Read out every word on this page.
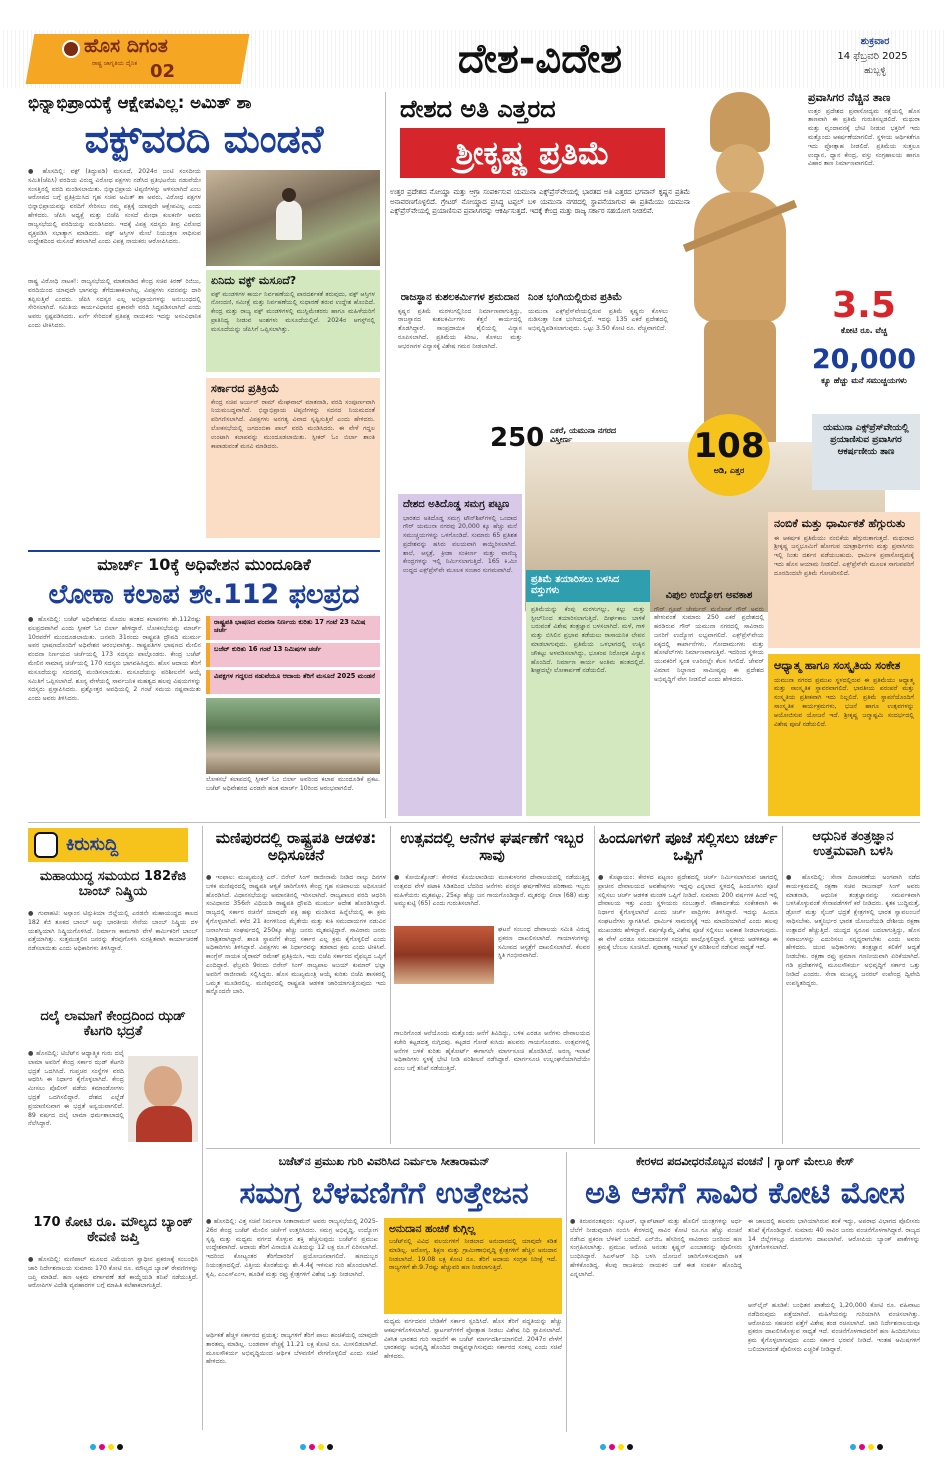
ಹೊಸ ದಿಗಂತ
ರಾಷ್ಟ್ರ ಜಾಗೃತಿಯ ದೈನಿಕ 02	ದೇಶ-ವಿದೇಶ	ಶುಕ್ರವಾರ
14 ಫೆಬ್ರವರಿ 2025
ಹುಬ್ಬಳ್ಳಿ
ಭಿನ್ನಾಭಿಪ್ರಾಯಕ್ಕೆ ಆಕ್ಷೇಪವಿಲ್ಲ: ಅಮಿತ್ ಶಾ
ವಕ್ಫ್‌ವರದಿ ಮಂಡನೆ
● ಹೊಸದಿಲ್ಲಿ: ವಕ್ಫ್ (ತಿದ್ದುಪಡಿ) ಮಸೂದೆ, 2024ರ ಜಂಟಿ ಸಂಸದೀಯ ಸಮಿತಿ(ಜೆಪಿಸಿ) ವರದಿಯ ವಿರುದ್ಧ ವಿರೋಧ ಪಕ್ಷಗಳು ನಡೆಸಿದ ಪ್ರತಿಭಟನೆಯ ನಡುವೆಯೇ ಸಂಸತ್ತಿನಲ್ಲಿ ವರದಿ ಮಂಡಿಸಲಾಯಿತು. ಭಿನ್ನಾಭಿಪ್ರಾಯ ಟಿಪ್ಪಣಿಗಳನ್ನು ಅಳಿಸಲಾಗಿದೆ ಎಂಬ ಆರೋಪದ ಬಗ್ಗೆ ಪ್ರತಿಕ್ರಿಯಿಸಿದ ಗೃಹ ಸಚಿವ ಅಮಿತ್ ಶಾ ಅವರು, ವಿರೋಧ ಪಕ್ಷಗಳ ಭಿನ್ನಾಭಿಪ್ರಾಯವನ್ನು ವರದಿಗೆ ಸೇರಿಸಲು ನಮ್ಮ ಪಕ್ಷಕ್ಕೆ ಯಾವುದೇ ಆಕ್ಷೇಪವಿಲ್ಲ ಎಂದು ಹೇಳಿದರು. ಜೆಪಿಸಿ ಅಧ್ಯಕ್ಷೆ ಮತ್ತು ಬಿಜೆಪಿ ಸಂಸದೆ ಮೇಧಾ ಕುಲಕರ್ಣಿ ಅವರು ರಾಜ್ಯಸಭೆಯಲ್ಲಿ ವರದಿಯನ್ನು ಮಂಡಿಸಿದರು. ಇದಕ್ಕೆ ವಿಪಕ್ಷ ಸದಸ್ಯರು ತೀವ್ರ ವಿರೋಧ ವ್ಯಕ್ತಪಡಿಸಿ ಸಭಾತ್ಯಾಗ ಮಾಡಿದರು. ವಕ್ಫ್ ಆಸ್ತಿಗಳ ಮೇಲೆ ನಿಯಂತ್ರಣ ಸಾಧಿಸುವ ಉದ್ದೇಶದಿಂದ ಮಸೂದೆ ತರಲಾಗಿದೆ ಎಂದು ವಿಪಕ್ಷ ನಾಯಕರು ಆರೋಪಿಸಿದರು.
ರಾಷ್ಟ್ರ ವಿರೋಧಿ ನಾಟಕ!: ರಾಜ್ಯಸಭೆಯಲ್ಲಿ ಮಾತನಾಡಿದ ಕೇಂದ್ರ ಸಚಿವ ಕಿರಣ್ ರಿಜಿಜು, ವರದಿಯಿಂದ ಯಾವುದೇ ಭಾಗವನ್ನು ತೆಗೆದುಹಾಕಲಾಗಿಲ್ಲ. ವಿಪಕ್ಷಗಳು ಸದನವನ್ನು ದಾರಿ ತಪ್ಪಿಸುತ್ತಿವೆ ಎಂದರು. ಜೆಪಿಸಿ ಸದಸ್ಯರ ಎಲ್ಲ ಅಭಿಪ್ರಾಯಗಳನ್ನು ಅನುಬಂಧದಲ್ಲಿ ಸೇರಿಸಲಾಗಿದೆ. ಸಮಿತಿಯ ಕಾರ್ಯವಿಧಾನದ ಪ್ರಕಾರವೇ ವರದಿ ಸಿದ್ಧಪಡಿಸಲಾಗಿದೆ ಎಂದು ಅವರು ಸ್ಪಷ್ಟಪಡಿಸಿದರು. ಖರ್ಗೆ ಸೇರಿದಂತೆ ಪ್ರತಿಪಕ್ಷ ನಾಯಕರು ಇದನ್ನು ಅಸಂವಿಧಾನಿಕ ಎಂದು ಟೀಕಿಸಿದರು.
ಏನಿದು ವಕ್ಫ್ ಮಸೂದೆ?
ವಕ್ಫ್ ಮಂಡಳಿಗಳ ಕಾರ್ಯ ನಿರ್ವಹಣೆಯಲ್ಲಿ ಪಾರದರ್ಶಕತೆ ತರುವುದು, ವಕ್ಫ್ ಆಸ್ತಿಗಳ ನೋಂದಣಿ, ಸಮೀಕ್ಷೆ ಮತ್ತು ನಿರ್ವಹಣೆಯಲ್ಲಿ ಸುಧಾರಣೆ ತರುವ ಉದ್ದೇಶ ಹೊಂದಿದೆ. ಕೇಂದ್ರ ಮತ್ತು ರಾಜ್ಯ ವಕ್ಫ್ ಮಂಡಳಿಗಳಲ್ಲಿ ಮುಸ್ಲಿಮೇತರರು ಹಾಗೂ ಮಹಿಳೆಯರಿಗೆ ಪ್ರಾತಿನಿಧ್ಯ ನೀಡುವ ಅಂಶಗಳು ಮಸೂದೆಯಲ್ಲಿವೆ. 2024ರ ಆಗಸ್ಟ್‌ನಲ್ಲಿ ಮಸೂದೆಯನ್ನು ಜೆಪಿಸಿಗೆ ಒಪ್ಪಿಸಲಾಗಿತ್ತು.
ಸರ್ಕಾರದ ಪ್ರತಿಕ್ರಿಯೆ
ಕೇಂದ್ರ ಸಚಿವ ಅರ್ಜುನ್ ರಾಮ್ ಮೇಘವಾಲ್ ಮಾತನಾಡಿ, ವರದಿ ಸಂಪೂರ್ಣವಾಗಿ ನಿಯಮಬದ್ಧವಾಗಿದೆ. ಭಿನ್ನಾಭಿಪ್ರಾಯ ಟಿಪ್ಪಣಿಗಳನ್ನು ಸದನದ ನಿಯಮದಂತೆ ಪರಿಗಣಿಸಲಾಗಿದೆ. ವಿಪಕ್ಷಗಳು ಅನಗತ್ಯ ವಿವಾದ ಸೃಷ್ಟಿಸುತ್ತಿವೆ ಎಂದು ಹೇಳಿದರು. ಲೋಕಸಭೆಯಲ್ಲಿ ಜಗದಂಬಿಕಾ ಪಾಲ್ ವರದಿ ಮಂಡಿಸಿದರು. ಈ ವೇಳೆ ಗದ್ದಲ ಉಂಟಾಗಿ ಕಲಾಪವನ್ನು ಮುಂದೂಡಲಾಯಿತು. ಸ್ಪೀಕರ್ ಓಂ ಬಿರ್ಲಾ ಶಾಂತಿ ಕಾಪಾಡುವಂತೆ ಮನವಿ ಮಾಡಿದರು.
ಮಾರ್ಚ್ 10ಕ್ಕೆ ಅಧಿವೇಶನ ಮುಂದೂಡಿಕೆ
ಲೋಕಾ ಕಲಾಪ ಶೇ.112 ಫಲಪ್ರದ
● ಹೊಸದಿಲ್ಲಿ: ಬಜೆಟ್ ಅಧಿವೇಶನದ ಮೊದಲ ಹಂತದ ಕಲಾಪಗಳು ಶೇ.112ರಷ್ಟು ಫಲಪ್ರದವಾಗಿವೆ ಎಂದು ಸ್ಪೀಕರ್ ಓಂ ಬಿರ್ಲಾ ಹೇಳಿದ್ದಾರೆ. ಲೋಕಸಭೆಯನ್ನು ಮಾರ್ಚ್ 10ರವರೆಗೆ ಮುಂದೂಡಲಾಯಿತು. ಜನವರಿ 31ರಂದು ರಾಷ್ಟ್ರಪತಿ ದ್ರೌಪದಿ ಮುರ್ಮು ಅವರ ಭಾಷಣದೊಂದಿಗೆ ಅಧಿವೇಶನ ಆರಂಭವಾಗಿತ್ತು. ರಾಷ್ಟ್ರಪತಿಗಳ ಭಾಷಣದ ಮೇಲಿನ ವಂದನಾ ನಿರ್ಣಯದ ಚರ್ಚೆಯಲ್ಲಿ 173 ಸದಸ್ಯರು ಪಾಲ್ಗೊಂಡರು. ಕೇಂದ್ರ ಬಜೆಟ್ ಮೇಲಿನ ಸಾಮಾನ್ಯ ಚರ್ಚೆಯಲ್ಲಿ 170 ಸದಸ್ಯರು ಭಾಗವಹಿಸಿದ್ದರು. ಹೊಸ ಆದಾಯ ತೆರಿಗೆ ಮಸೂದೆಯನ್ನು ಸದನದಲ್ಲಿ ಮಂಡಿಸಲಾಯಿತು. ಮಸೂದೆಯನ್ನು ಪರಿಶೀಲನೆಗೆ ಆಯ್ಕೆ ಸಮಿತಿಗೆ ಒಪ್ಪಿಸಲಾಗಿದೆ. ಶೂನ್ಯ ವೇಳೆಯಲ್ಲಿ ಸಾರ್ವಜನಿಕ ಮಹತ್ವದ ಹಲವು ವಿಷಯಗಳನ್ನು ಸದಸ್ಯರು ಪ್ರಸ್ತಾಪಿಸಿದರು. ಪ್ರಶ್ನೋತ್ತರ ಅವಧಿಯಲ್ಲಿ 2 ಗಂಟೆ ಸಮಯ ನಷ್ಟವಾಯಿತು ಎಂದು ಅವರು ತಿಳಿಸಿದರು.
ರಾಷ್ಟ್ರಪತಿ ಭಾಷಣದ ವಂದನಾ ನಿರ್ಣಯ ಕುರಿತು 17 ಗಂಟೆ 23 ನಿಮಿಷ ಚರ್ಚೆ
ಬಜೆಟ್ ಕುರಿತು 16 ಗಂಟೆ 13 ನಿಮಿಷಗಳ ಚರ್ಚೆ
ವಿಪಕ್ಷಗಳ ಗದ್ದಲದ ನಡುವೆಯೂ ಆದಾಯ ತೆರಿಗೆ ಮಸೂದೆ 2025 ಮಂಡನೆ
ಲೋಕಸಭೆ ಕಲಾಪದಲ್ಲಿ ಸ್ಪೀಕರ್ ಓಂ ಬಿರ್ಲಾ ಅವರಿಂದ ಕಲಾಪ ಮುಂದೂಡಿಕೆ ಪ್ರಕಟ. ಬಜೆಟ್ ಅಧಿವೇಶನದ ಎರಡನೇ ಹಂತ ಮಾರ್ಚ್ 10ರಿಂದ ಆರಂಭವಾಗಲಿದೆ.
ದೇಶದ ಅತಿ ಎತ್ತರದ
ಶ್ರೀಕೃಷ್ಣ ಪ್ರತಿಮೆ
ಉತ್ತರ ಪ್ರದೇಶದ ನೋಯ್ಡಾ ಮತ್ತು ಆಗ್ರಾ ಸಂಪರ್ಕಿಸುವ ಯಮುನಾ ಎಕ್ಸ್‌ಪ್ರೆಸ್‌ವೇಯಲ್ಲಿ ಭಾರತದ ಅತಿ ಎತ್ತರದ ಭಗವಾನ್ ಕೃಷ್ಣನ ಪ್ರತಿಮೆ ಅನಾವರಣಗೊಳ್ಳಲಿದೆ. ಗ್ರೇಟರ್ ನೋಯ್ಡಾದ ಪ್ರಸಿದ್ಧ ಟಪ್ಪಲ್ ಬಳಿ ಯಮುನಾ ನಗರದಲ್ಲಿ ಸ್ಥಾಪನೆಯಾಗುವ ಈ ಪ್ರತಿಮೆಯು ಯಮುನಾ ಎಕ್ಸ್‌ಪ್ರೆಸ್‌ವೇಯಲ್ಲಿ ಪ್ರಯಾಣಿಸುವ ಪ್ರವಾಸಿಗರನ್ನು ಆಕರ್ಷಿಸುತ್ತದೆ. ಇದಕ್ಕೆ ಕೇಂದ್ರ ಮತ್ತು ರಾಜ್ಯ ಸರ್ಕಾರ ಸಹಯೋಗ ನೀಡಲಿವೆ.
ಪ್ರವಾಸಿಗರ ನೆಚ್ಚಿನ ತಾಣ
ಉತ್ತರ ಪ್ರದೇಶದ ಪ್ರವಾಸೋದ್ಯಮ ನಕ್ಷೆಯಲ್ಲಿ ಹೊಸ ತಾಣವಾಗಿ ಈ ಪ್ರತಿಮೆ ಗುರುತಿಸಲ್ಪಡಲಿದೆ. ಮಥುರಾ ಮತ್ತು ವೃಂದಾವನಕ್ಕೆ ಭೇಟಿ ನೀಡುವ ಭಕ್ತರಿಗೆ ಇದು ಮತ್ತೊಂದು ಆಕರ್ಷಣೆಯಾಗಲಿದೆ. ಸ್ಥಳೀಯ ಆರ್ಥಿಕತೆಗೂ ಇದು ಪ್ರೋತ್ಸಾಹ ನೀಡಲಿದೆ. ಪ್ರತಿಮೆಯ ಸುತ್ತಲೂ ಉದ್ಯಾನ, ಧ್ಯಾನ ಕೇಂದ್ರ, ವಸ್ತು ಸಂಗ್ರಹಾಲಯ ಹಾಗೂ ವಿಹಾರ ತಾಣ ನಿರ್ಮಾಣವಾಗಲಿದೆ.
3.5
ಕೋಟಿ ರೂ. ವೆಚ್ಚ
20,000
ಕ್ಯೂ ಹೆಚ್ಚು ಮನೆ ಸಮುಚ್ಚಯಗಳು
ಯಮುನಾ ಎಕ್ಸ್‌ಪ್ರೆಸ್‌ವೇಯಲ್ಲಿ ಪ್ರಯಾಣಿಸುವ ಪ್ರವಾಸಿಗರ ಆಕರ್ಷಣೀಯ ತಾಣ
ರಾಜಸ್ಥಾನ ಕುಶಲಕರ್ಮಿಗಳ ಶ್ರಮದಾನ
ಕೃಷ್ಣನ ಪ್ರತಿಮೆ ಮರಳುಗಲ್ಲಿನಿಂದ ನಿರ್ಮಾಣವಾಗುತ್ತಿದ್ದು, ರಾಜಸ್ಥಾನದ ಕುಶಲಕರ್ಮಿಗಳು ಕೆತ್ತನೆ ಕಾರ್ಯದಲ್ಲಿ ತೊಡಗಿದ್ದಾರೆ. ಸಾಂಪ್ರದಾಯಿಕ ಶೈಲಿಯಲ್ಲಿ ವಿನ್ಯಾಸ ರೂಪಿಸಲಾಗಿದೆ. ಪ್ರತಿಮೆಯ ಕಿರೀಟ, ಕೊಳಲು ಮತ್ತು ಆಭರಣಗಳ ವಿನ್ಯಾಸಕ್ಕೆ ವಿಶೇಷ ಗಮನ ನೀಡಲಾಗಿದೆ.
ನಿಂತ ಭಂಗಿಯಲ್ಲಿರುವ ಪ್ರತಿಮೆ
ಯಮುನಾ ಎಕ್ಸ್‌ಪ್ರೆಸ್‌ವೇಯಲ್ಲಿರುವ ಪ್ರತಿಮೆ ಕೃಷ್ಣನು ಕೊಳಲು ನುಡಿಸುತ್ತಾ ನಿಂತ ಭಂಗಿಯಲ್ಲಿದೆ. ಇದನ್ನು 135 ಎಕರೆ ಪ್ರದೇಶದಲ್ಲಿ ಅಭಿವೃದ್ಧಿಪಡಿಸಲಾಗುವುದು. ಒಟ್ಟು 3.50 ಕೋಟಿ ರೂ. ವೆಚ್ಚವಾಗಲಿದೆ.
250 ಎಕರೆ, ಯಮುನಾ ನಗರದ ವಿಸ್ತೀರ್ಣ	108
ಅಡಿ, ಎತ್ತರ
ದೇಶದ ಅತಿದೊಡ್ಡ ಸಮಗ್ರ ಪಟ್ಟಣ
ಭಾರತದ ಅತಿದೊಡ್ಡ ಸಮಗ್ರ ಟೌನ್‌ಶಿಪ್‌ಗಳಲ್ಲಿ ಒಂದಾದ ಗೌರ್ ಯಮುನಾ ನಗರವು 20,000 ಕ್ಕೂ ಹೆಚ್ಚು ಮನೆ ಸಮುಚ್ಚಯಗಳನ್ನು ಒಳಗೊಂಡಿದೆ. ಸುಮಾರು 65 ಪ್ರತಿಶತ ಪ್ರದೇಶವನ್ನು ಹಸಿರು ವಲಯವಾಗಿ ಕಾಯ್ದಿರಿಸಲಾಗಿದೆ. ಶಾಲೆ, ಆಸ್ಪತ್ರೆ, ಕ್ರೀಡಾ ಸಂಕೀರ್ಣ ಮತ್ತು ವಾಣಿಜ್ಯ ಕೇಂದ್ರಗಳನ್ನು ಇಲ್ಲಿ ನಿರ್ಮಿಸಲಾಗುತ್ತಿದೆ. 165 ಕಿ.ಮೀ ಉದ್ದದ ಎಕ್ಸ್‌ಪ್ರೆಸ್‌ವೇ ಮೂಲಕ ಸಂಚಾರ ಸುಗಮವಾಗಿದೆ.
ಪ್ರತಿಮೆ ತಯಾರಿಸಲು ಬಳಸಿದ ವಸ್ತುಗಳು
ಪ್ರತಿಮೆಯನ್ನು ಕೆಂಪು ಮರಳುಗಲ್ಲು, ಕಲ್ಲು ಮತ್ತು ಸ್ಟೀಲ್‌ನಿಂದ ತಯಾರಿಸಲಾಗುತ್ತಿದೆ. ದೀರ್ಘಕಾಲ ಬಾಳಿಕೆ ಬರುವಂತೆ ವಿಶೇಷ ತಂತ್ರಜ್ಞಾನ ಬಳಸಲಾಗಿದೆ. ಮಳೆ, ಗಾಳಿ ಮತ್ತು ಬಿಸಿಲಿನ ಪ್ರಭಾವ ತಡೆಯಲು ರಾಸಾಯನಿಕ ಲೇಪನ ಮಾಡಲಾಗುವುದು. ಪ್ರತಿಮೆಯ ಒಳಭಾಗದಲ್ಲಿ ಉಕ್ಕಿನ ಚೌಕಟ್ಟು ಅಳವಡಿಸಲಾಗಿದ್ದು, ಭೂಕಂಪ ನಿರೋಧಕ ವಿನ್ಯಾಸ ಹೊಂದಿದೆ. ನಿರ್ಮಾಣ ಕಾರ್ಯ ಅಂತಿಮ ಹಂತದಲ್ಲಿದೆ. ಶೀಘ್ರದಲ್ಲೇ ಲೋಕಾರ್ಪಣೆ ನಡೆಯಲಿದೆ.
ವಿಪುಲ ಉದ್ಯೋಗ ಅವಕಾಶ
ಗೌರ್ ಗ್ರೂಪ್ ಚೇರ್ಮನ್ ಮನೋಜ್ ಗೌರ್ ಅವರು ಹೇಳುವಂತೆ ಸುಮಾರು 250 ಎಕರೆ ಪ್ರದೇಶದಲ್ಲಿ ಹರಡಿರುವ ಗೌರ್ ಯಮುನಾ ನಗರದಲ್ಲಿ ಸಾವಿರಾರು ಜನರಿಗೆ ಉದ್ಯೋಗ ಲಭ್ಯವಾಗಲಿದೆ. ಎಕ್ಸ್‌ಪ್ರೆಸ್‌ವೇಯ ಪಕ್ಕದಲ್ಲಿ ಕಾರ್ಖಾನೆಗಳು, ಗೋದಾಮುಗಳು ಮತ್ತು ಹೋಟೆಲ್‌ಗಳು ನಿರ್ಮಾಣವಾಗುತ್ತಿವೆ. ಇದರಿಂದ ಸ್ಥಳೀಯ ಯುವಕರಿಗೆ ಸ್ವಂತ ಊರಿನಲ್ಲೇ ಕೆಲಸ ಸಿಗಲಿದೆ. ಜೇವರ್ ವಿಮಾನ ನಿಲ್ದಾಣದ ಸಾಮೀಪ್ಯವು ಈ ಪ್ರದೇಶದ ಅಭಿವೃದ್ಧಿಗೆ ವೇಗ ನೀಡಲಿದೆ ಎಂದು ಹೇಳಿದರು.
ನಂಬಿಕೆ ಮತ್ತು ಧಾರ್ಮಿಕತೆ ಹೆಗ್ಗುರುತು
ಈ ಆಕರ್ಷಕ ಪ್ರತಿಮೆಯು ನಂಬಿಕೆಯ ಹೆಗ್ಗುರುತಾಗುತ್ತದೆ. ಮಥುರಾದ ಶ್ರೀಕೃಷ್ಣ ಜನ್ಮಭೂಮಿಗೆ ಹೋಗುವ ಯಾತ್ರಾರ್ಥಿಗಳು ಮತ್ತು ಪ್ರವಾಸಿಗರು ಇಲ್ಲಿ ನಿಂತು ದರ್ಶನ ಪಡೆಯಬಹುದು. ಧಾರ್ಮಿಕ ಪ್ರವಾಸೋದ್ಯಮಕ್ಕೆ ಇದು ಹೊಸ ಆಯಾಮ ನೀಡಲಿದೆ. ಎಕ್ಸ್‌ಪ್ರೆಸ್‌ವೇ ಮೂಲಕ ಸಾಗುವವರಿಗೆ ದೂರದಿಂದಲೇ ಪ್ರತಿಮೆ ಗೋಚರಿಸಲಿದೆ.
ಆಧ್ಯಾತ್ಮ ಹಾಗೂ ಸಂಸ್ಕೃತಿಯ ಸಂಕೇತ
ಯಮುನಾ ನಗರದ ಪ್ರಮುಖ ಸ್ಥಳದಲ್ಲಿರುವ ಈ ಪ್ರತಿಮೆಯು ಆಧ್ಯಾತ್ಮ ಮತ್ತು ಸಾಂಸ್ಕೃತಿಕ ಸ್ಥಾವರವಾಗಲಿದೆ. ಭಾರತೀಯ ಪರಂಪರೆ ಮತ್ತು ಸಂಸ್ಕೃತಿಯ ಪ್ರತೀಕವಾಗಿ ಇದು ನಿಲ್ಲಲಿದೆ. ಪ್ರತಿಮೆ ಸ್ಥಾಪನೆಯೊಂದಿಗೆ ಸಾಂಸ್ಕೃತಿಕ ಕಾರ್ಯಕ್ರಮಗಳು, ಭಜನೆ ಹಾಗೂ ಉತ್ಸವಗಳನ್ನು ಆಯೋಜಿಸುವ ಯೋಜನೆ ಇದೆ. ಶ್ರೀಕೃಷ್ಣ ಜನ್ಮಾಷ್ಟಮಿ ಸಂದರ್ಭದಲ್ಲಿ ವಿಶೇಷ ಪೂಜೆ ನಡೆಯಲಿದೆ.
ಕಿರುಸುದ್ದಿ
ಮಹಾಯುದ್ಧ ಸಮಯದ 182ಕೆಜಿ ಬಾಂಬ್ ನಿಷ್ಕ್ರಿಯ
● ಗುವಾಹಟಿ: ಅಸ್ಸಾಂನ ಟಿನ್ಸುಕಿಯಾ ಜಿಲ್ಲೆಯಲ್ಲಿ ಎರಡನೇ ಮಹಾಯುದ್ಧದ ಕಾಲದ 182 ಕೆಜಿ ತೂಕದ ಬಾಂಬ್ ಅನ್ನು ಭಾರತೀಯ ಸೇನೆಯ ಬಾಂಬ್ ನಿಷ್ಕ್ರಿಯ ದಳ ಯಶಸ್ವಿಯಾಗಿ ನಿಷ್ಕ್ರಿಯಗೊಳಿಸಿದೆ. ನಿರ್ಮಾಣ ಕಾಮಗಾರಿ ವೇಳೆ ಕಾರ್ಮಿಕರಿಗೆ ಬಾಂಬ್ ಪತ್ತೆಯಾಗಿತ್ತು. ಸುತ್ತಮುತ್ತಲಿನ ಜನರನ್ನು ತೆರವುಗೊಳಿಸಿ ಸುರಕ್ಷಿತವಾಗಿ ಕಾರ್ಯಾಚರಣೆ ನಡೆಸಲಾಯಿತು ಎಂದು ಅಧಿಕಾರಿಗಳು ತಿಳಿಸಿದ್ದಾರೆ.
ದಲೈ ಲಾಮಾಗೆ ಕೇಂದ್ರದಿಂದ ಝಡ್ ಕೆಟಗರಿ ಭದ್ರತೆ
● ಹೊಸದಿಲ್ಲಿ: ಟಿಬೆಟ್‌ನ ಆಧ್ಯಾತ್ಮಿಕ ಗುರು ದಲೈ ಲಾಮಾ ಅವರಿಗೆ ಕೇಂದ್ರ ಸರ್ಕಾರ ಝಡ್ ಕೆಟಗರಿ ಭದ್ರತೆ ಒದಗಿಸಿದೆ. ಗುಪ್ತಚರ ಸಂಸ್ಥೆಗಳ ವರದಿ ಆಧರಿಸಿ ಈ ನಿರ್ಧಾರ ಕೈಗೊಳ್ಳಲಾಗಿದೆ. ಕೇಂದ್ರ ಮೀಸಲು ಪೊಲೀಸ್ ಪಡೆಯ ಕಮಾಂಡೋಗಳು ಭದ್ರತೆ ಒದಗಿಸಲಿದ್ದಾರೆ. ದೇಶದ ಎಲ್ಲೆಡೆ ಪ್ರಯಾಣಿಸುವಾಗ ಈ ಭದ್ರತೆ ಅನ್ವಯವಾಗಲಿದೆ. 89 ವರ್ಷದ ದಲೈ ಲಾಮಾ ಧರ್ಮಶಾಲಾದಲ್ಲಿ ನೆಲೆಸಿದ್ದಾರೆ.
170 ಕೋಟಿ ರೂ. ಮೌಲ್ಯದ ಬ್ಯಾಂಕ್ ಠೇವಣಿ ಜಪ್ತಿ
● ಹೊಸದಿಲ್ಲಿ: ಮಣಿಪಾಲ್ ಮೂಲದ ವಿಮೆಯಂಗ ಸ್ವಾಧೀನ ಪ್ರಕರಣಕ್ಕೆ ಸಂಬಂಧಿಸಿ ಜಾರಿ ನಿರ್ದೇಶನಾಲಯ ಸುಮಾರು 170 ಕೋಟಿ ರೂ. ಮೌಲ್ಯದ ಬ್ಯಾಂಕ್ ಠೇವಣಿಗಳನ್ನು ಜಪ್ತಿ ಮಾಡಿದೆ. ಹಣ ಅಕ್ರಮ ವರ್ಗಾವಣೆ ತಡೆ ಕಾಯ್ದೆಯಡಿ ತನಿಖೆ ನಡೆಯುತ್ತಿದೆ. ಆರೋಪಿಗಳ ವಿದೇಶಿ ವ್ಯವಹಾರಗಳ ಬಗ್ಗೆ ಮಾಹಿತಿ ಕಲೆಹಾಕಲಾಗುತ್ತಿದೆ.
ಮಣಿಪುರದಲ್ಲಿ ರಾಷ್ಟ್ರಪತಿ ಆಡಳಿತ: ಅಧಿಸೂಚನೆ
● ಇಂಫಾಲ: ಮುಖ್ಯಮಂತ್ರಿ ಎನ್. ಬಿರೇನ್ ಸಿಂಗ್ ರಾಜೀನಾಮೆ ನೀಡಿದ ನಾಲ್ಕು ದಿನಗಳ ಬಳಿಕ ಮಣಿಪುರದಲ್ಲಿ ರಾಷ್ಟ್ರಪತಿ ಆಳ್ವಿಕೆ ಜಾರಿಗೊಳಿಸಿ ಕೇಂದ್ರ ಗೃಹ ಸಚಿವಾಲಯ ಅಧಿಸೂಚನೆ ಹೊರಡಿಸಿದೆ. ವಿಧಾನಸಭೆಯನ್ನು ಅಮಾನತಿನಲ್ಲಿ ಇರಿಸಲಾಗಿದೆ. ರಾಜ್ಯಪಾಲರ ವರದಿ ಆಧರಿಸಿ ಸಂವಿಧಾನದ 356ನೇ ವಿಧಿಯಡಿ ರಾಷ್ಟ್ರಪತಿ ದ್ರೌಪದಿ ಮುರ್ಮು ಆದೇಶ ಹೊರಡಿಸಿದ್ದಾರೆ. ರಾಜ್ಯದಲ್ಲಿ ಸರ್ಕಾರ ರಚನೆಗೆ ಯಾವುದೇ ಪಕ್ಷ ಹಕ್ಕು ಮಂಡಿಸದ ಹಿನ್ನೆಲೆಯಲ್ಲಿ ಈ ಕ್ರಮ ಕೈಗೊಳ್ಳಲಾಗಿದೆ. ಕಳೆದ 21 ತಿಂಗಳಿನಿಂದ ಮೈತೇಯಿ ಮತ್ತು ಕುಕಿ ಸಮುದಾಯಗಳ ನಡುವಿನ ಜನಾಂಗೀಯ ಸಂಘರ್ಷದಲ್ಲಿ 250ಕ್ಕೂ ಹೆಚ್ಚು ಜನರು ಮೃತಪಟ್ಟಿದ್ದಾರೆ. ಸಾವಿರಾರು ಜನರು ನಿರಾಶ್ರಿತರಾಗಿದ್ದಾರೆ. ಶಾಂತಿ ಸ್ಥಾಪನೆಗೆ ಕೇಂದ್ರ ಸರ್ಕಾರ ಎಲ್ಲ ಕ್ರಮ ಕೈಗೊಳ್ಳಲಿದೆ ಎಂದು ಅಧಿಕಾರಿಗಳು ತಿಳಿಸಿದ್ದಾರೆ. ವಿಪಕ್ಷಗಳು ಈ ನಿರ್ಧಾರವನ್ನು ತಡವಾದ ಕ್ರಮ ಎಂದು ಟೀಕಿಸಿವೆ. ಕಾಂಗ್ರೆಸ್ ನಾಯಕ ಜೈರಾಮ್ ರಮೇಶ್ ಪ್ರತಿಕ್ರಿಯಿಸಿ, ಇದು ಬಿಜೆಪಿ ಸರ್ಕಾರದ ವೈಫಲ್ಯದ ಒಪ್ಪಿಗೆ ಎಂದಿದ್ದಾರೆ. ಫೆಬ್ರವರಿ 9ರಂದು ಬಿರೇನ್ ಸಿಂಗ್ ರಾಜ್ಯಪಾಲ ಅಜಯ್ ಕುಮಾರ್ ಭಲ್ಲಾ ಅವರಿಗೆ ರಾಜೀನಾಮೆ ಸಲ್ಲಿಸಿದ್ದರು. ಹೊಸ ಮುಖ್ಯಮಂತ್ರಿ ಆಯ್ಕೆ ಕುರಿತು ಬಿಜೆಪಿ ಶಾಸಕರಲ್ಲಿ ಒಮ್ಮತ ಮೂಡಿರಲಿಲ್ಲ. ಮಣಿಪುರದಲ್ಲಿ ರಾಷ್ಟ್ರಪತಿ ಆಡಳಿತ ಜಾರಿಯಾಗುತ್ತಿರುವುದು ಇದು ಹನ್ನೊಂದನೇ ಬಾರಿ.
ಉತ್ಸವದಲ್ಲಿ ಆನೆಗಳ ಘರ್ಷಣೆಗೆ ಇಬ್ಬರ ಸಾವು
● ಕೋಯಿಕ್ಕೋಡ್: ಕೇರಳದ ಕೊಯಿಲಾಂಡಿಯ ಮಣಕುಳಂಗರ ದೇವಾಲಯದಲ್ಲಿ ನಡೆಯುತ್ತಿದ್ದ ಉತ್ಸವದ ವೇಳೆ ಪಟಾಕಿ ಸಿಡಿತದಿಂದ ಬೆದರಿದ ಆನೆಗಳು ಪರಸ್ಪರ ಘರ್ಷಣೆಗಿಳಿದ ಪರಿಣಾಮ ಇಬ್ಬರು ಮಹಿಳೆಯರು ಮೃತಪಟ್ಟು, 25ಕ್ಕೂ ಹೆಚ್ಚು ಜನ ಗಾಯಗೊಂಡಿದ್ದಾರೆ. ಮೃತರನ್ನು ಲೀಲಾ (68) ಮತ್ತು ಅಮ್ಮುಕುಟ್ಟಿ (65) ಎಂದು ಗುರುತಿಸಲಾಗಿದೆ.
ಘಟನೆ ಸಂಬಂಧ ದೇವಾಲಯ ಸಮಿತಿ ವಿರುದ್ಧ ಪ್ರಕರಣ ದಾಖಲಿಸಲಾಗಿದೆ. ಗಾಯಾಳುಗಳನ್ನು ಸಮೀಪದ ಆಸ್ಪತ್ರೆಗೆ ದಾಖಲಿಸಲಾಗಿದೆ. ಕೆಲವರ ಸ್ಥಿತಿ ಗಂಭೀರವಾಗಿದೆ.
ಗಾಬರಿಗೊಂಡ ಆನೆಯೊಂದು ಮತ್ತೊಂದು ಆನೆಗೆ ತಿವಿದಿದ್ದು, ಬಳಿಕ ಎರಡೂ ಆನೆಗಳು ದೇವಾಲಯದ ಕಚೇರಿ ಕಟ್ಟಡದತ್ತ ನುಗ್ಗಿದವು. ಕಟ್ಟಡದ ಗೋಡೆ ಕುಸಿದು ಹಲವರು ಗಾಯಗೊಂಡರು. ಉತ್ಸವಗಳಲ್ಲಿ ಆನೆಗಳ ಬಳಕೆ ಕುರಿತು ಹೈಕೋರ್ಟ್ ಈಗಾಗಲೇ ಮಾರ್ಗಸೂಚಿ ಹೊರಡಿಸಿದೆ. ಅರಣ್ಯ ಇಲಾಖೆ ಅಧಿಕಾರಿಗಳು ಸ್ಥಳಕ್ಕೆ ಭೇಟಿ ನೀಡಿ ಪರಿಶೀಲನೆ ನಡೆಸಿದ್ದಾರೆ. ಮಾರ್ಗಸೂಚಿ ಉಲ್ಲಂಘನೆಯಾಗಿದೆಯೇ ಎಂಬ ಬಗ್ಗೆ ತನಿಖೆ ನಡೆಯುತ್ತಿದೆ.
ಹಿಂದೂಗಳಿಗೆ ಪೂಜೆ ಸಲ್ಲಿಸಲು ಚರ್ಚ್ ಒಪ್ಪಿಗೆ
● ಕೊಟ್ಟಾಯಂ: ಕೇರಳದ ಪಟ್ಟಣಂ ಪ್ರದೇಶದಲ್ಲಿ ಚರ್ಚ್ ನಿರ್ಮಿಸಲಾಗಿರುವ ಜಾಗದಲ್ಲಿ ಪ್ರಾಚೀನ ದೇವಾಲಯದ ಅವಶೇಷಗಳು ಇದ್ದವು ಎನ್ನಲಾದ ಸ್ಥಳದಲ್ಲಿ ಹಿಂದೂಗಳು ಪೂಜೆ ಸಲ್ಲಿಸಲು ಚರ್ಚ್ ಆಡಳಿತ ಮಂಡಳಿ ಒಪ್ಪಿಗೆ ನೀಡಿದೆ. ಸುಮಾರು 200 ವರ್ಷಗಳ ಹಿಂದೆ ಇಲ್ಲಿ ದೇವಾಲಯ ಇತ್ತು ಎಂದು ಸ್ಥಳೀಯರು ನಂಬುತ್ತಾರೆ. ಸೌಹಾರ್ದತೆಯ ಸಂಕೇತವಾಗಿ ಈ ನಿರ್ಧಾರ ಕೈಗೊಳ್ಳಲಾಗಿದೆ ಎಂದು ಚರ್ಚ್ ಪಾದ್ರಿಗಳು ತಿಳಿಸಿದ್ದಾರೆ. ಇದನ್ನು ಹಿಂದೂ ಸಂಘಟನೆಗಳು ಸ್ವಾಗತಿಸಿವೆ. ಧಾರ್ಮಿಕ ಸಾಮರಸ್ಯಕ್ಕೆ ಇದು ಮಾದರಿಯಾಗಿದೆ ಎಂದು ಹಲವು ಮುಖಂಡರು ಹೇಳಿದ್ದಾರೆ. ವರ್ಷಕ್ಕೊಮ್ಮೆ ವಿಶೇಷ ಪೂಜೆ ಸಲ್ಲಿಸಲು ಅವಕಾಶ ನೀಡಲಾಗುವುದು. ಈ ವೇಳೆ ಎರಡೂ ಸಮುದಾಯಗಳ ಸದಸ್ಯರು ಪಾಲ್ಗೊಳ್ಳಲಿದ್ದಾರೆ. ಸ್ಥಳೀಯ ಆಡಳಿತವೂ ಈ ಕ್ರಮಕ್ಕೆ ಬೆಂಬಲ ಸೂಚಿಸಿದೆ. ಪುರಾತತ್ವ ಇಲಾಖೆ ಸ್ಥಳ ಪರಿಶೀಲನೆ ನಡೆಸುವ ಸಾಧ್ಯತೆ ಇದೆ.
ಆಧುನಿಕ ತಂತ್ರಜ್ಞಾನ ಉತ್ತಮವಾಗಿ ಬಳಸಿ
● ಹೊಸದಿಲ್ಲಿ: ಸೇನಾ ದಿನಾಚರಣೆಯ ಅಂಗವಾಗಿ ನಡೆದ ಕಾರ್ಯಕ್ರಮದಲ್ಲಿ ರಕ್ಷಣಾ ಸಚಿವ ರಾಜನಾಥ್ ಸಿಂಗ್ ಅವರು ಮಾತನಾಡಿ, ಆಧುನಿಕ ತಂತ್ರಜ್ಞಾನವನ್ನು ಸಮರ್ಪಕವಾಗಿ ಬಳಸಿಕೊಳ್ಳುವಂತೆ ಸೇನಾಪಡೆಗಳಿಗೆ ಕರೆ ನೀಡಿದರು. ಕೃತಕ ಬುದ್ಧಿಮತ್ತೆ, ಡ್ರೋನ್ ಮತ್ತು ಸೈಬರ್ ಭದ್ರತೆ ಕ್ಷೇತ್ರಗಳಲ್ಲಿ ಭಾರತ ಸ್ವಾವಲಂಬನೆ ಸಾಧಿಸಬೇಕು. ಆತ್ಮನಿರ್ಭರ ಭಾರತ ಯೋಜನೆಯಡಿ ದೇಶೀಯ ರಕ್ಷಣಾ ಉತ್ಪಾದನೆ ಹೆಚ್ಚುತ್ತಿದೆ. ಯುದ್ಧದ ಸ್ವರೂಪ ಬದಲಾಗುತ್ತಿದ್ದು, ಹೊಸ ಸವಾಲುಗಳನ್ನು ಎದುರಿಸಲು ಸನ್ನದ್ಧರಾಗಬೇಕು ಎಂದು ಅವರು ಹೇಳಿದರು. ಯುವ ಅಧಿಕಾರಿಗಳು ತಂತ್ರಜ್ಞಾನ ಕಲಿಕೆಗೆ ಆದ್ಯತೆ ನೀಡಬೇಕು. ರಕ್ಷಣಾ ರಫ್ತು ಪ್ರಮಾಣ ಗಣನೀಯವಾಗಿ ಏರಿಕೆಯಾಗಿದೆ. ಗಡಿ ಪ್ರದೇಶಗಳಲ್ಲಿ ಮೂಲಸೌಕರ್ಯ ಅಭಿವೃದ್ಧಿಗೆ ಸರ್ಕಾರ ಒತ್ತು ನೀಡಿದೆ ಎಂದರು. ಸೇನಾ ಮುಖ್ಯಸ್ಥ ಜನರಲ್ ಉಪೇಂದ್ರ ದ್ವಿವೇದಿ ಉಪಸ್ಥಿತರಿದ್ದರು.
ಬಜೆಟ್‌ನ ಪ್ರಮುಖ ಗುರಿ ವಿವರಿಸಿದ ನಿರ್ಮಲಾ ಸೀತಾರಾಮನ್
ಸಮಗ್ರ ಬೆಳವಣಿಗೆಗೆ ಉತ್ತೇಜನ
● ಹೊಸದಿಲ್ಲಿ: ವಿತ್ತ ಸಚಿವೆ ನಿರ್ಮಲಾ ಸೀತಾರಾಮನ್ ಅವರು ರಾಜ್ಯಸಭೆಯಲ್ಲಿ 2025-26ರ ಕೇಂದ್ರ ಬಜೆಟ್ ಮೇಲಿನ ಚರ್ಚೆಗೆ ಉತ್ತರಿಸಿದರು. ಸಮಗ್ರ ಅಭಿವೃದ್ಧಿ, ಉದ್ಯೋಗ ಸೃಷ್ಟಿ ಮತ್ತು ಮಧ್ಯಮ ವರ್ಗದ ಕೊಳ್ಳುವ ಶಕ್ತಿ ಹೆಚ್ಚಿಸುವುದು ಬಜೆಟ್‌ನ ಪ್ರಮುಖ ಉದ್ದೇಶವಾಗಿದೆ. ಆದಾಯ ತೆರಿಗೆ ವಿನಾಯಿತಿ ಮಿತಿಯನ್ನು 12 ಲಕ್ಷ ರೂ.ಗೆ ಏರಿಸಲಾಗಿದೆ. ಇದರಿಂದ ಕೋಟ್ಯಂತರ ತೆರಿಗೆದಾರರಿಗೆ ಪ್ರಯೋಜನವಾಗಲಿದೆ. ಹಣದುಬ್ಬರ ನಿಯಂತ್ರಣದಲ್ಲಿದೆ. ವಿತ್ತೀಯ ಕೊರತೆಯನ್ನು ಶೇ.4.4ಕ್ಕೆ ಇಳಿಸುವ ಗುರಿ ಹೊಂದಲಾಗಿದೆ. ಕೃಷಿ, ಎಂಎಸ್‌ಎಂಇ, ಹೂಡಿಕೆ ಮತ್ತು ರಫ್ತು ಕ್ಷೇತ್ರಗಳಿಗೆ ವಿಶೇಷ ಒತ್ತು ನೀಡಲಾಗಿದೆ.
ಆರ್ಥಿಕತೆ ಹೆಚ್ಚಳ ಸರ್ಕಾರದ ಪ್ರಯತ್ನ: ರಾಜ್ಯಗಳಿಗೆ ತೆರಿಗೆ ಪಾಲು ಹಂಚಿಕೆಯಲ್ಲಿ ಯಾವುದೇ ತಾರತಮ್ಯ ಮಾಡಿಲ್ಲ. ಬಂಡವಾಳ ವೆಚ್ಚಕ್ಕೆ 11.21 ಲಕ್ಷ ಕೋಟಿ ರೂ. ಮೀಸಲಿಡಲಾಗಿದೆ. ಮೂಲಸೌಕರ್ಯ ಅಭಿವೃದ್ಧಿಯಿಂದ ಆರ್ಥಿಕ ಬೆಳವಣಿಗೆ ವೇಗಗೊಳ್ಳಲಿದೆ ಎಂದು ಸಚಿವೆ ಹೇಳಿದರು.
ಅನುದಾನ ಹಂಚಿಕೆ ಕುಗ್ಗಿಲ್ಲ
ಬಜೆಟ್‌ನಲ್ಲಿ ವಿವಿಧ ವಲಯಗಳಿಗೆ ನೀಡಲಾದ ಅನುದಾನದಲ್ಲಿ ಯಾವುದೇ ಕಡಿತ ಮಾಡಿಲ್ಲ. ಆರೋಗ್ಯ, ಶಿಕ್ಷಣ ಮತ್ತು ಗ್ರಾಮೀಣಾಭಿವೃದ್ಧಿ ಕ್ಷೇತ್ರಗಳಿಗೆ ಹೆಚ್ಚಿನ ಅನುದಾನ ನೀಡಲಾಗಿದೆ. 19.08 ಲಕ್ಷ ಕೋಟಿ ರೂ. ತೆರಿಗೆ ಆದಾಯ ಸಂಗ್ರಹ ನಿರೀಕ್ಷೆ ಇದೆ. ರಾಜ್ಯಗಳಿಗೆ ಶೇ.9.7ರಷ್ಟು ಹೆಚ್ಚುವರಿ ಹಣ ನೀಡಲಾಗುತ್ತಿದೆ.
ಮಧ್ಯಮ ವರ್ಗದವರ ಬೇಡಿಕೆಗೆ ಸರ್ಕಾರ ಸ್ಪಂದಿಸಿದೆ. ಹೊಸ ತೆರಿಗೆ ಪದ್ಧತಿಯನ್ನು ಹೆಚ್ಚು ಆಕರ್ಷಕಗೊಳಿಸಲಾಗಿದೆ. ಸ್ಟಾರ್ಟಪ್‌ಗಳಿಗೆ ಪ್ರೋತ್ಸಾಹ ನೀಡಲು ವಿಶೇಷ ನಿಧಿ ಸ್ಥಾಪಿಸಲಾಗಿದೆ. ವಿಕಸಿತ ಭಾರತದ ಗುರಿ ಸಾಧನೆಗೆ ಈ ಬಜೆಟ್ ಮಾರ್ಗದರ್ಶಿಯಾಗಲಿದೆ. 2047ರ ವೇಳೆಗೆ ಭಾರತವನ್ನು ಅಭಿವೃದ್ಧಿ ಹೊಂದಿದ ರಾಷ್ಟ್ರವನ್ನಾಗಿಸುವುದು ಸರ್ಕಾರದ ಸಂಕಲ್ಪ ಎಂದು ಸಚಿವೆ ಹೇಳಿದರು.
ಕೇರಳದ ಪದವೀಧರನೊಬ್ಬನ ವಂಚನೆ | ಗ್ಯಾಂಗ್ ಮೇಲೂ ಕೇಸ್
ಅತಿ ಆಸೆಗೆ ಸಾವಿರ ಕೋಟಿ ಮೋಸ
● ತಿರುವನಂತಪುರಂ: ಸ್ಕೂಟರ್, ಲ್ಯಾಪ್‌ಟಾಪ್ ಮತ್ತು ಹೊಲಿಗೆ ಯಂತ್ರಗಳನ್ನು ಅರ್ಧ ಬೆಲೆಗೆ ನೀಡುವುದಾಗಿ ನಂಬಿಸಿ ಕೇರಳದಲ್ಲಿ ಸಾವಿರ ಕೋಟಿ ರೂ.ಗೂ ಹೆಚ್ಚು ವಂಚನೆ ನಡೆಸಿದ ಪ್ರಕರಣ ಬೆಳಕಿಗೆ ಬಂದಿದೆ. ಎನ್‌ಜಿಒ ಹೆಸರಿನಲ್ಲಿ ಸಾವಿರಾರು ಜನರಿಂದ ಹಣ ಸಂಗ್ರಹಿಸಲಾಗಿತ್ತು. ಪ್ರಮುಖ ಆರೋಪಿ ಅನಂತು ಕೃಷ್ಣನ್ ಎಂಬಾತನನ್ನು ಪೊಲೀಸರು ಬಂಧಿಸಿದ್ದಾರೆ. ಸಿಎಸ್‌ಆರ್ ನಿಧಿ ಬಳಸಿ ಯೋಜನೆ ಜಾರಿಗೊಳಿಸುವುದಾಗಿ ಆತ ಹೇಳಿಕೊಂಡಿದ್ದ. ಕೆಲವು ರಾಜಕೀಯ ನಾಯಕರ ಜತೆ ಈತ ಸಂಪರ್ಕ ಹೊಂದಿದ್ದ ಎನ್ನಲಾಗಿದೆ.
ಈ ಜಾಲದಲ್ಲಿ ಹಲವರು ಭಾಗಿಯಾಗಿರುವ ಶಂಕೆ ಇದ್ದು, ಅಪರಾಧ ವಿಭಾಗದ ಪೊಲೀಸರು ತನಿಖೆ ಕೈಗೊಂಡಿದ್ದಾರೆ. ಸುಮಾರು 40 ಸಾವಿರ ಜನರು ವಂಚನೆಗೊಳಗಾಗಿದ್ದಾರೆ. ರಾಜ್ಯದ 14 ಜಿಲ್ಲೆಗಳಲ್ಲೂ ದೂರುಗಳು ದಾಖಲಾಗಿವೆ. ಆರೋಪಿಯ ಬ್ಯಾಂಕ್ ಖಾತೆಗಳನ್ನು ಸ್ಥಗಿತಗೊಳಿಸಲಾಗಿದೆ.
ಆನ್‌ಲೈನ್ ಹೂಡಿಕೆ: ಬಂಧಿತನ ಖಾತೆಯಲ್ಲಿ 1,20,000 ಕೋಟಿ ರೂ. ವಹಿವಾಟು ನಡೆದಿರುವುದು ಪತ್ತೆಯಾಗಿದೆ. ಮಹಿಳೆಯರನ್ನು ಗುರಿಯಾಗಿಸಿ ವಂಚಿಸಲಾಗಿತ್ತು. ಆರೋಪಿಯ ಸಹಚರರ ಪತ್ತೆಗೆ ವಿಶೇಷ ತಂಡ ರಚಿಸಲಾಗಿದೆ. ಜಾರಿ ನಿರ್ದೇಶನಾಲಯವೂ ಪ್ರಕರಣ ದಾಖಲಿಸಿಕೊಳ್ಳುವ ಸಾಧ್ಯತೆ ಇದೆ. ವಂಚನೆಗೊಳಗಾದವರಿಗೆ ಹಣ ಹಿಂದಿರುಗಿಸಲು ಕ್ರಮ ಕೈಗೊಳ್ಳಲಾಗುವುದು ಎಂದು ಸರ್ಕಾರ ಭರವಸೆ ನೀಡಿದೆ. ಇಂತಹ ಆಮಿಷಗಳಿಗೆ ಬಲಿಯಾಗದಂತೆ ಪೊಲೀಸರು ಎಚ್ಚರಿಕೆ ನೀಡಿದ್ದಾರೆ.
